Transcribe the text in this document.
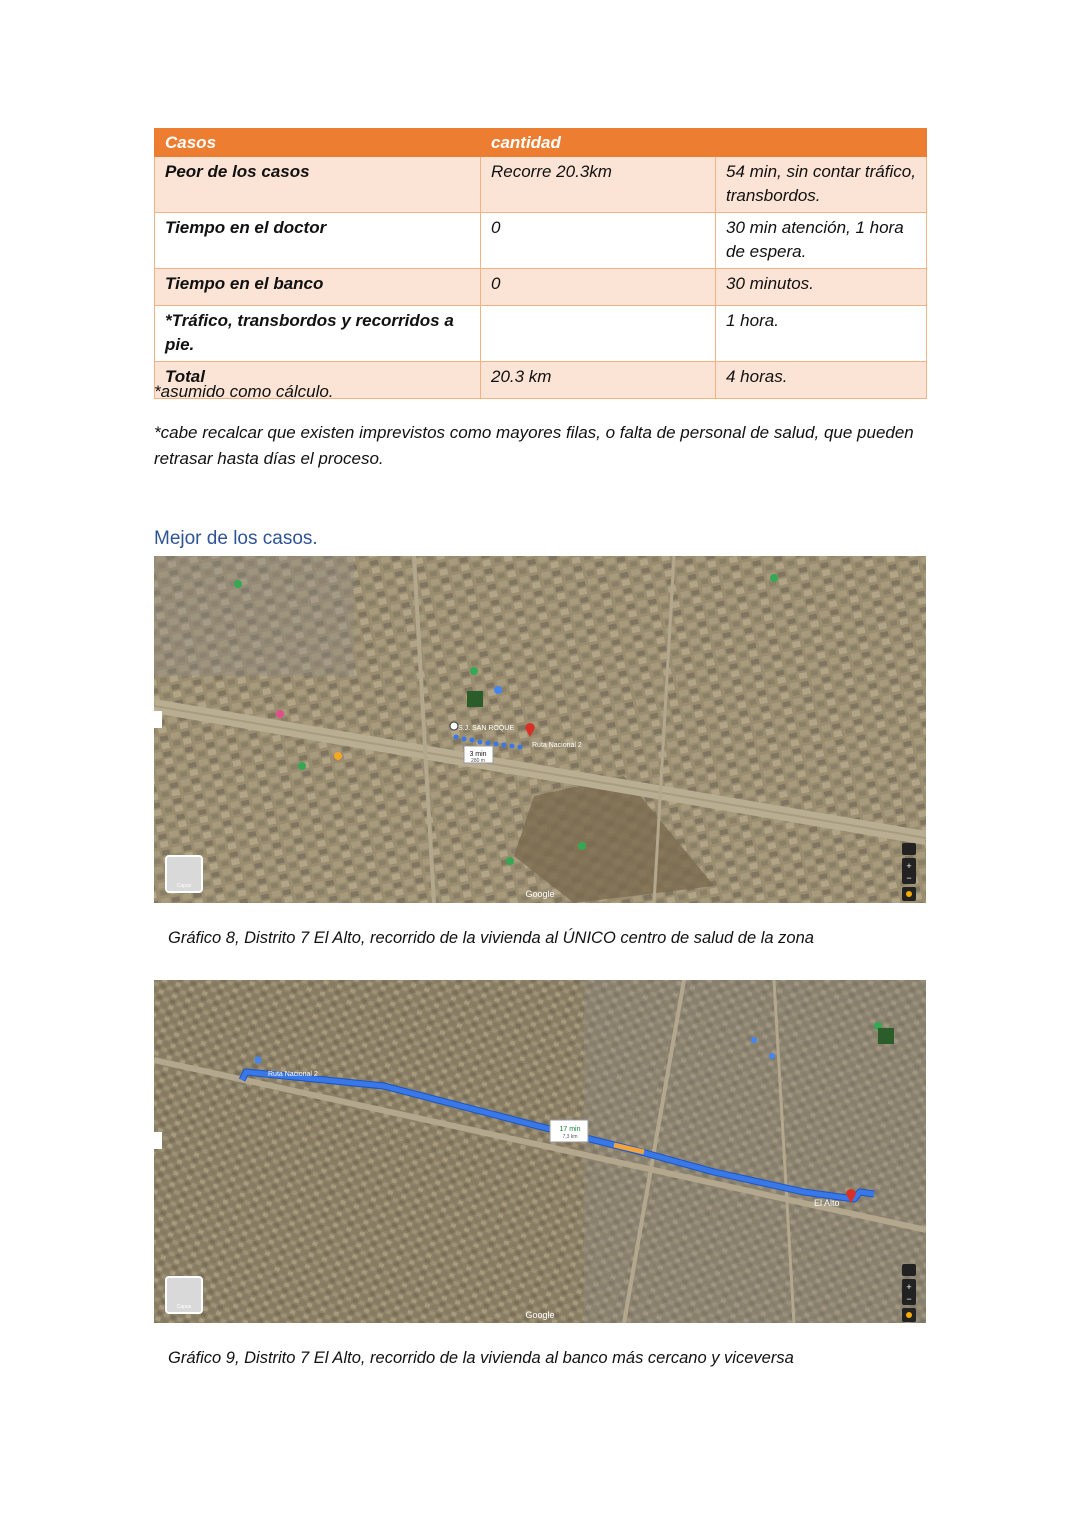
Casos	cantidad	
Peor de los casos	Recorre 20.3km	54 min, sin contar tráfico, transbordos.
Tiempo en el doctor	0	30 min atención, 1 hora de espera.
Tiempo en el banco	0	30 minutos.
*Tráfico, transbordos y recorridos a pie.		1 hora.
Total	20.3 km	4 horas.
*asumido como cálculo.
*cabe recalcar que existen imprevistos como mayores filas, o falta de personal de salud, que pueden retrasar hasta días el proceso.
Mejor de los casos.
3 min
280 m
S.J. SAN ROQUE
Ruta Nacional 2
Google
Capas
+
−
Gráfico 8, Distrito 7 El Alto, recorrido de la vivienda al ÚNICO centro de salud de la zona
17 min
7,3 km
Ruta Nacional 2
El Alto
Google
Capas
+
−
Gráfico 9, Distrito 7 El Alto, recorrido de la vivienda al banco más cercano y viceversa
